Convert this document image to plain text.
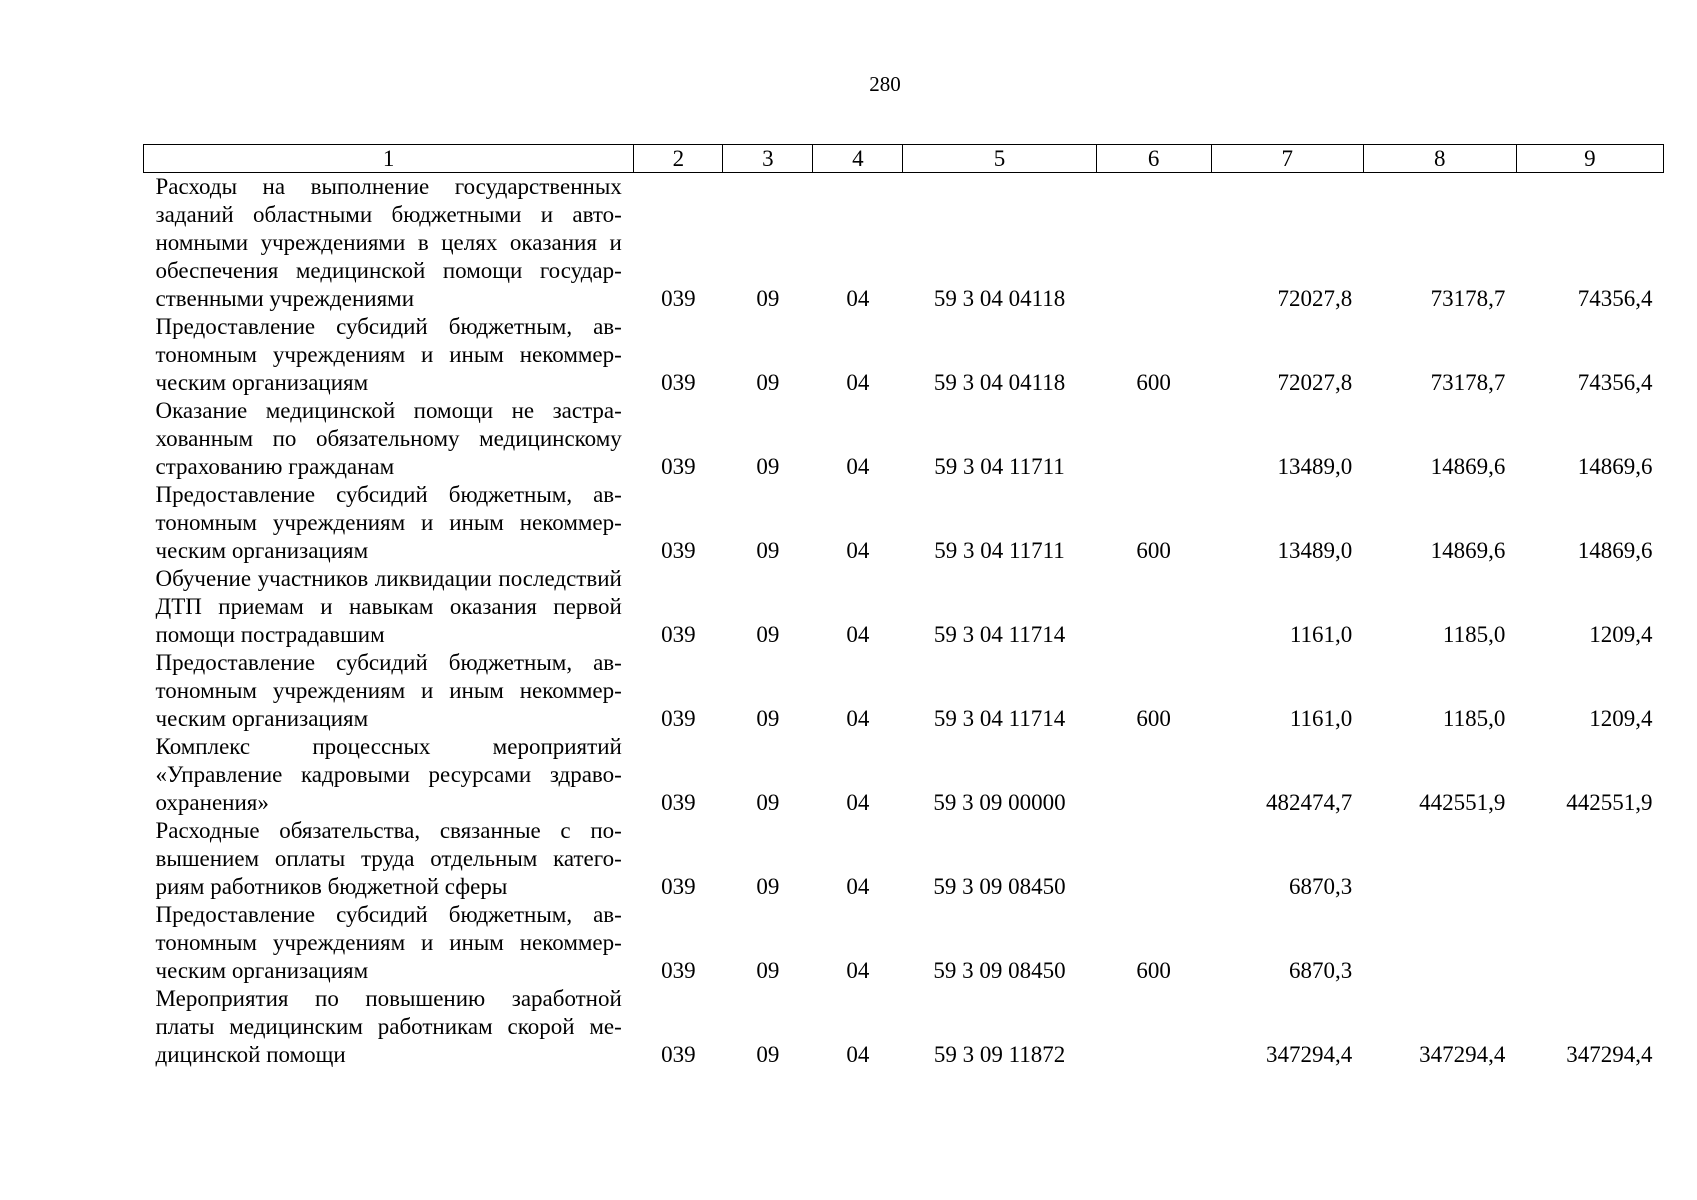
280
1	2	3	4	5	6	7	8	9
Расходы на выполнение государственных заданий областными бюджетными и автономными учреждениями в целях оказания и обеспечения медицинской помощи государственными учреждениями	039	09	04	59 3 04 04118		72027,8	73178,7	74356,4
Предоставление субсидий бюджетным, автономным учреждениям и иным некоммерческим организациям	039	09	04	59 3 04 04118	600	72027,8	73178,7	74356,4
Оказание медицинской помощи не застрахованным по обязательному медицинскому страхованию гражданам	039	09	04	59 3 04 11711		13489,0	14869,6	14869,6
Предоставление субсидий бюджетным, автономным учреждениям и иным некоммерческим организациям	039	09	04	59 3 04 11711	600	13489,0	14869,6	14869,6
Обучение участников ликвидации последствий ДТП приемам и навыкам оказания первой помощи пострадавшим	039	09	04	59 3 04 11714		1161,0	1185,0	1209,4
Предоставление субсидий бюджетным, автономным учреждениям и иным некоммерческим организациям	039	09	04	59 3 04 11714	600	1161,0	1185,0	1209,4
Комплекс процессных мероприятий «Управление кадровыми ресурсами здравоохранения»	039	09	04	59 3 09 00000		482474,7	442551,9	442551,9
Расходные обязательства, связанные с повышением оплаты труда отдельным категориям работников бюджетной сферы	039	09	04	59 3 09 08450		6870,3		
Предоставление субсидий бюджетным, автономным учреждениям и иным некоммерческим организациям	039	09	04	59 3 09 08450	600	6870,3		
Мероприятия по повышению заработной платы медицинским работникам скорой медицинской помощи	039	09	04	59 3 09 11872		347294,4	347294,4	347294,4
